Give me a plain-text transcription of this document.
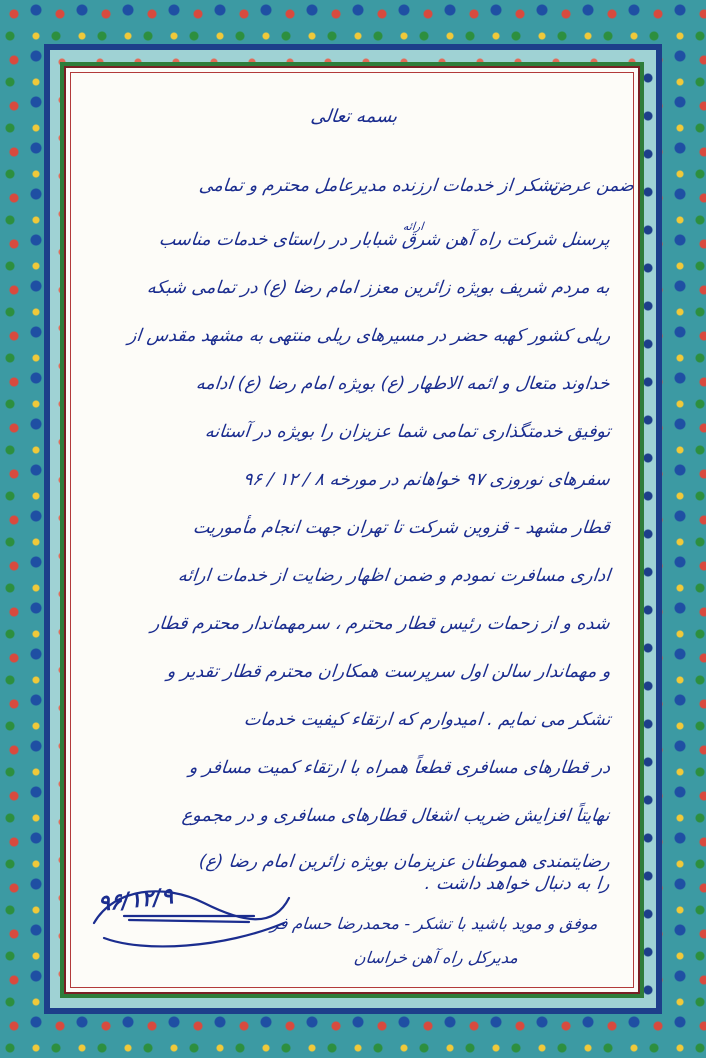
بسمه تعالی
ضمن عرض
ارائه
تشکر از خدمات ارزنده مدیرعامل محترم و تمامی
پرسنل شرکت راه آهن شرق شبابار در راستای خدمات مناسب
به مردم شریف بویژه زائرین معزز امام رضا (ع) در تمامی شبکه
ریلی کشور کهبه حضر در مسیرهای ریلی منتهی به مشهد مقدس از
خداوند متعال و ائمه الاطهار (ع) بویژه امام رضا (ع) ادامه
توفیق خدمتگذاری تمامی شما عزیزان را بویژه در آستانه
سفرهای نوروزی ۹۷ خواهانم در مورخه ۸ / ۱۲ / ۹۶
قطار مشهد - قزوین شرکت تا تهران جهت انجام مأموریت
اداری مسافرت نمودم و ضمن اظهار رضایت از خدمات ارائه
شده و از زحمات رئیس قطار محترم ، سرمهماندار محترم قطار
و مهماندار سالن اول سرپرست همکاران محترم قطار تقدیر و
تشکر می نمایم . امیدوارم که ارتقاء کیفیت خدمات
در قطارهای مسافری قطعاً همراه با ارتقاء کمیت مسافر و
نهایتاً افزایش ضریب اشغال قطارهای مسافری و در مجموع
رضایتمندی هموطنان عزیزمان بویژه زائرین امام رضا (ع)
را به دنبال خواهد داشت .
۹۶/۱۲/۹
موفق و موید باشید با تشکر - محمدرضا حسام فر
مدیرکل راه آهن خراسان
